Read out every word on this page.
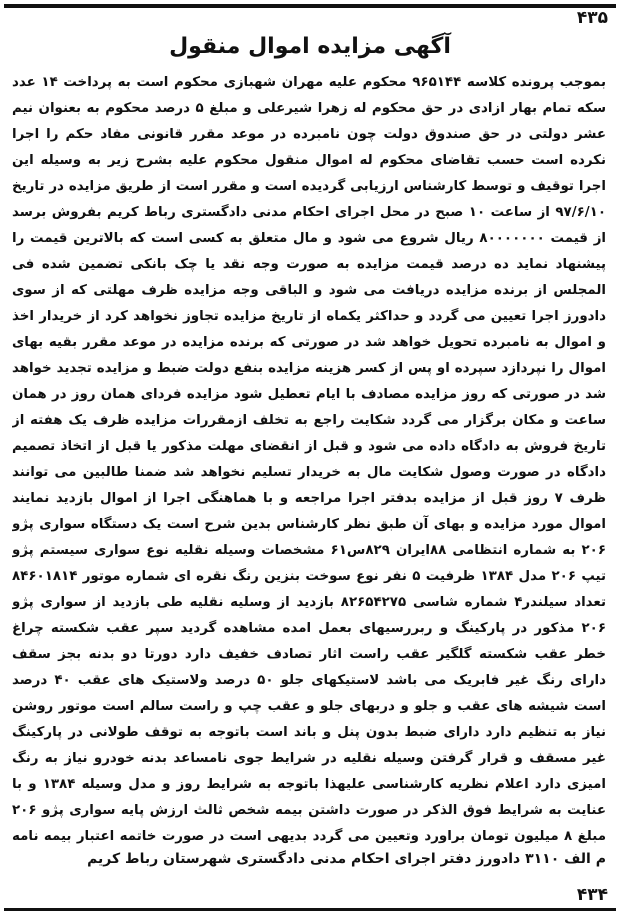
۴۳۵
آگهی مزایده اموال منقول

بموجب پرونده کلاسه ۹۶۵۱۴۴ محکوم علیه مهران شهبازی محکوم است به پرداخت ۱۴ عدد سکه تمام بهار ازادی در حق محکوم له زهرا شیرعلی و مبلغ ۵ درصد محکوم به بعنوان نیم عشر دولتی در حق صندوق دولت چون نامبرده در موعد مقرر قانونی مفاد حکم را اجرا نکرده است حسب تقاضای محکوم له اموال منقول محکوم علیه بشرح زیر به وسیله این اجرا توقیف و توسط کارشناس ارزیابی گردیده است و مقرر است از طریق مزایده در تاریخ ۹۷/۶/۱۰ از ساعت ۱۰ صبح در محل اجرای احکام مدنی دادگستری رباط کریم بفروش برسد از قیمت ۸۰۰۰۰۰۰۰ ریال شروع می شود و مال متعلق به کسی است که بالاترین قیمت را پیشنهاد نماید ده درصد قیمت مزایده به صورت وجه نقد یا چک بانکی تضمین شده فی المجلس از برنده مزایده دریافت می شود و الباقی وجه مزایده ظرف مهلتی که از سوی دادورز اجرا تعیین می گردد و حداکثر یکماه از تاریخ مزایده تجاوز نخواهد کرد از خریدار اخذ و اموال به نامبرده تحویل خواهد شد در صورتی که برنده مزایده در موعد مقرر بقیه بهای اموال را نپردازد سپرده او پس از کسر هزینه مزایده بنفع دولت ضبط و مزایده تجدید خواهد شد در صورتی که روز مزایده مصادف با ایام تعطیل شود مزایده فردای همان روز در همان ساعت و مکان برگزار می گردد شکایت راجع به تخلف ازمقررات مزایده ظرف یک هفته از تاریخ فروش به دادگاه داده می شود و قبل از انقضای مهلت مذکور یا قبل از اتخاذ تصمیم دادگاه در صورت وصول شکایت مال به خریدار تسلیم نخواهد شد ضمنا طالبین می توانند ظرف ۷ روز قبل از مزایده بدفتر اجرا مراجعه و با هماهنگی اجرا از اموال بازدید نمایند اموال مورد مزایده و بهای آن طبق نظر کارشناس بدین شرح است یک دستگاه سواری پژو ۲۰۶ به شماره انتظامی ۸۸ایران ۸۲۹س۶۱ مشخصات وسیله نقلیه نوع سواری سیستم پژو تیپ ۲۰۶ مدل ۱۳۸۴ ظرفیت ۵ نفر نوع سوخت بنزین رنگ نقره ای شماره موتور ۸۴۶۰۱۸۱۴ تعداد سیلندر۴ شماره شاسی ۸۲۶۵۴۲۷۵ بازدید از وسلیه نقلیه طی بازدید از سواری پژو ۲۰۶ مذکور در پارکینگ و ربررسیهای بعمل امده مشاهده گردید سپر عقب شکسته چراغ خطر عقب شکسته گلگیر عقب راست اثار تصادف خفیف دارد دورتا دو بدنه بجز سقف دارای رنگ غیر فابریک می باشد لاستیکهای جلو ۵۰ درصد ولاستیک های عقب ۴۰ درصد است شیشه های عقب و جلو و دربهای جلو و عقب چپ و راست سالم است موتور روشن نیاز به تنظیم دارد دارای ضبط بدون پنل و باند است باتوجه به توقف طولانی در پارکینگ غیر مسقف و قرار گرفتن وسیله نقلیه در شرایط جوی نامساعد بدنه خودرو نیاز به رنگ امیزی دارد اعلام نظریه کارشناسی علیهذا باتوجه به شرایط روز و مدل وسیله ۱۳۸۴ و با عنایت به شرایط فوق الذکر در صورت داشتن بیمه شخص ثالث ارزش پایه سواری پژو ۲۰۶ مبلغ ۸ میلیون تومان براورد وتعیین می گردد بدیهی است در صورت خاتمه اعتبار بیمه نامه

م الف ۳۱۱۰ دادورز دفتر اجرای احکام مدنی دادگستری شهرستان رباط کریم
۴۳۴
